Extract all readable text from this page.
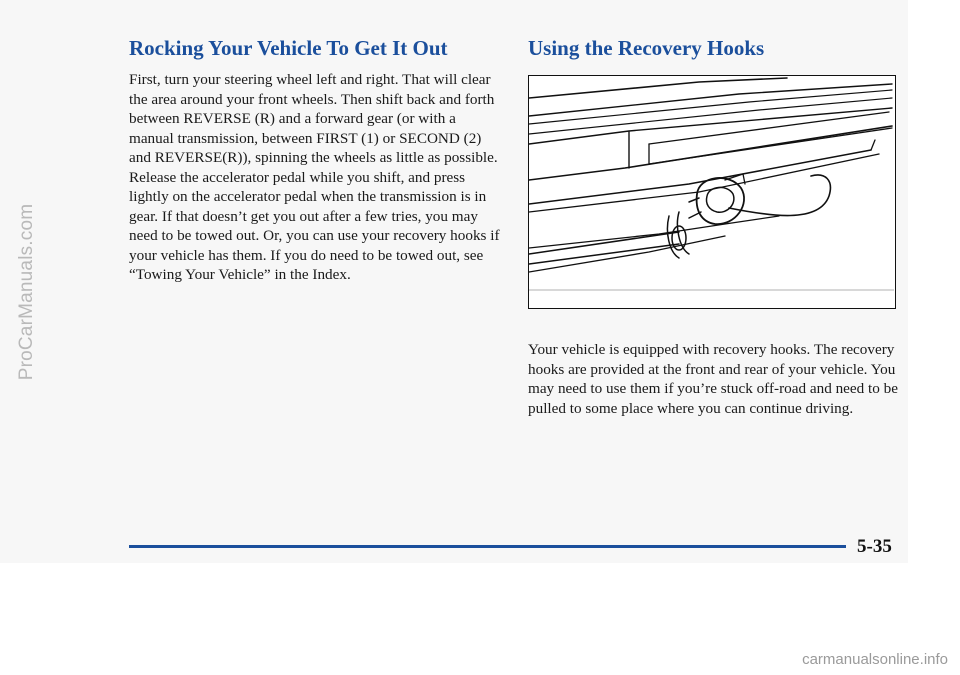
ProCarManuals.com
Rocking Your Vehicle To Get It Out

First, turn your steering wheel left and right. That will clear the area around your front wheels. Then shift back and forth between REVERSE (R) and a forward gear (or with a manual transmission, between FIRST (1) or SECOND (2) and REVERSE(R)), spinning the wheels as little as possible. Release the accelerator pedal while you shift, and press lightly on the accelerator pedal when the transmission is in gear. If that doesn’t get you out after a few tries, you may need to be towed out. Or, you can use your recovery hooks if your vehicle has them. If you do need to be towed out, see “Towing Your Vehicle” in the Index.

Using the Recovery Hooks

Your vehicle is equipped with recovery hooks. The recovery hooks are provided at the front and rear of your vehicle. You may need to use them if you’re stuck off-road and need to be pulled to some place where you can continue driving.

5-35
carmanualsonline.info
